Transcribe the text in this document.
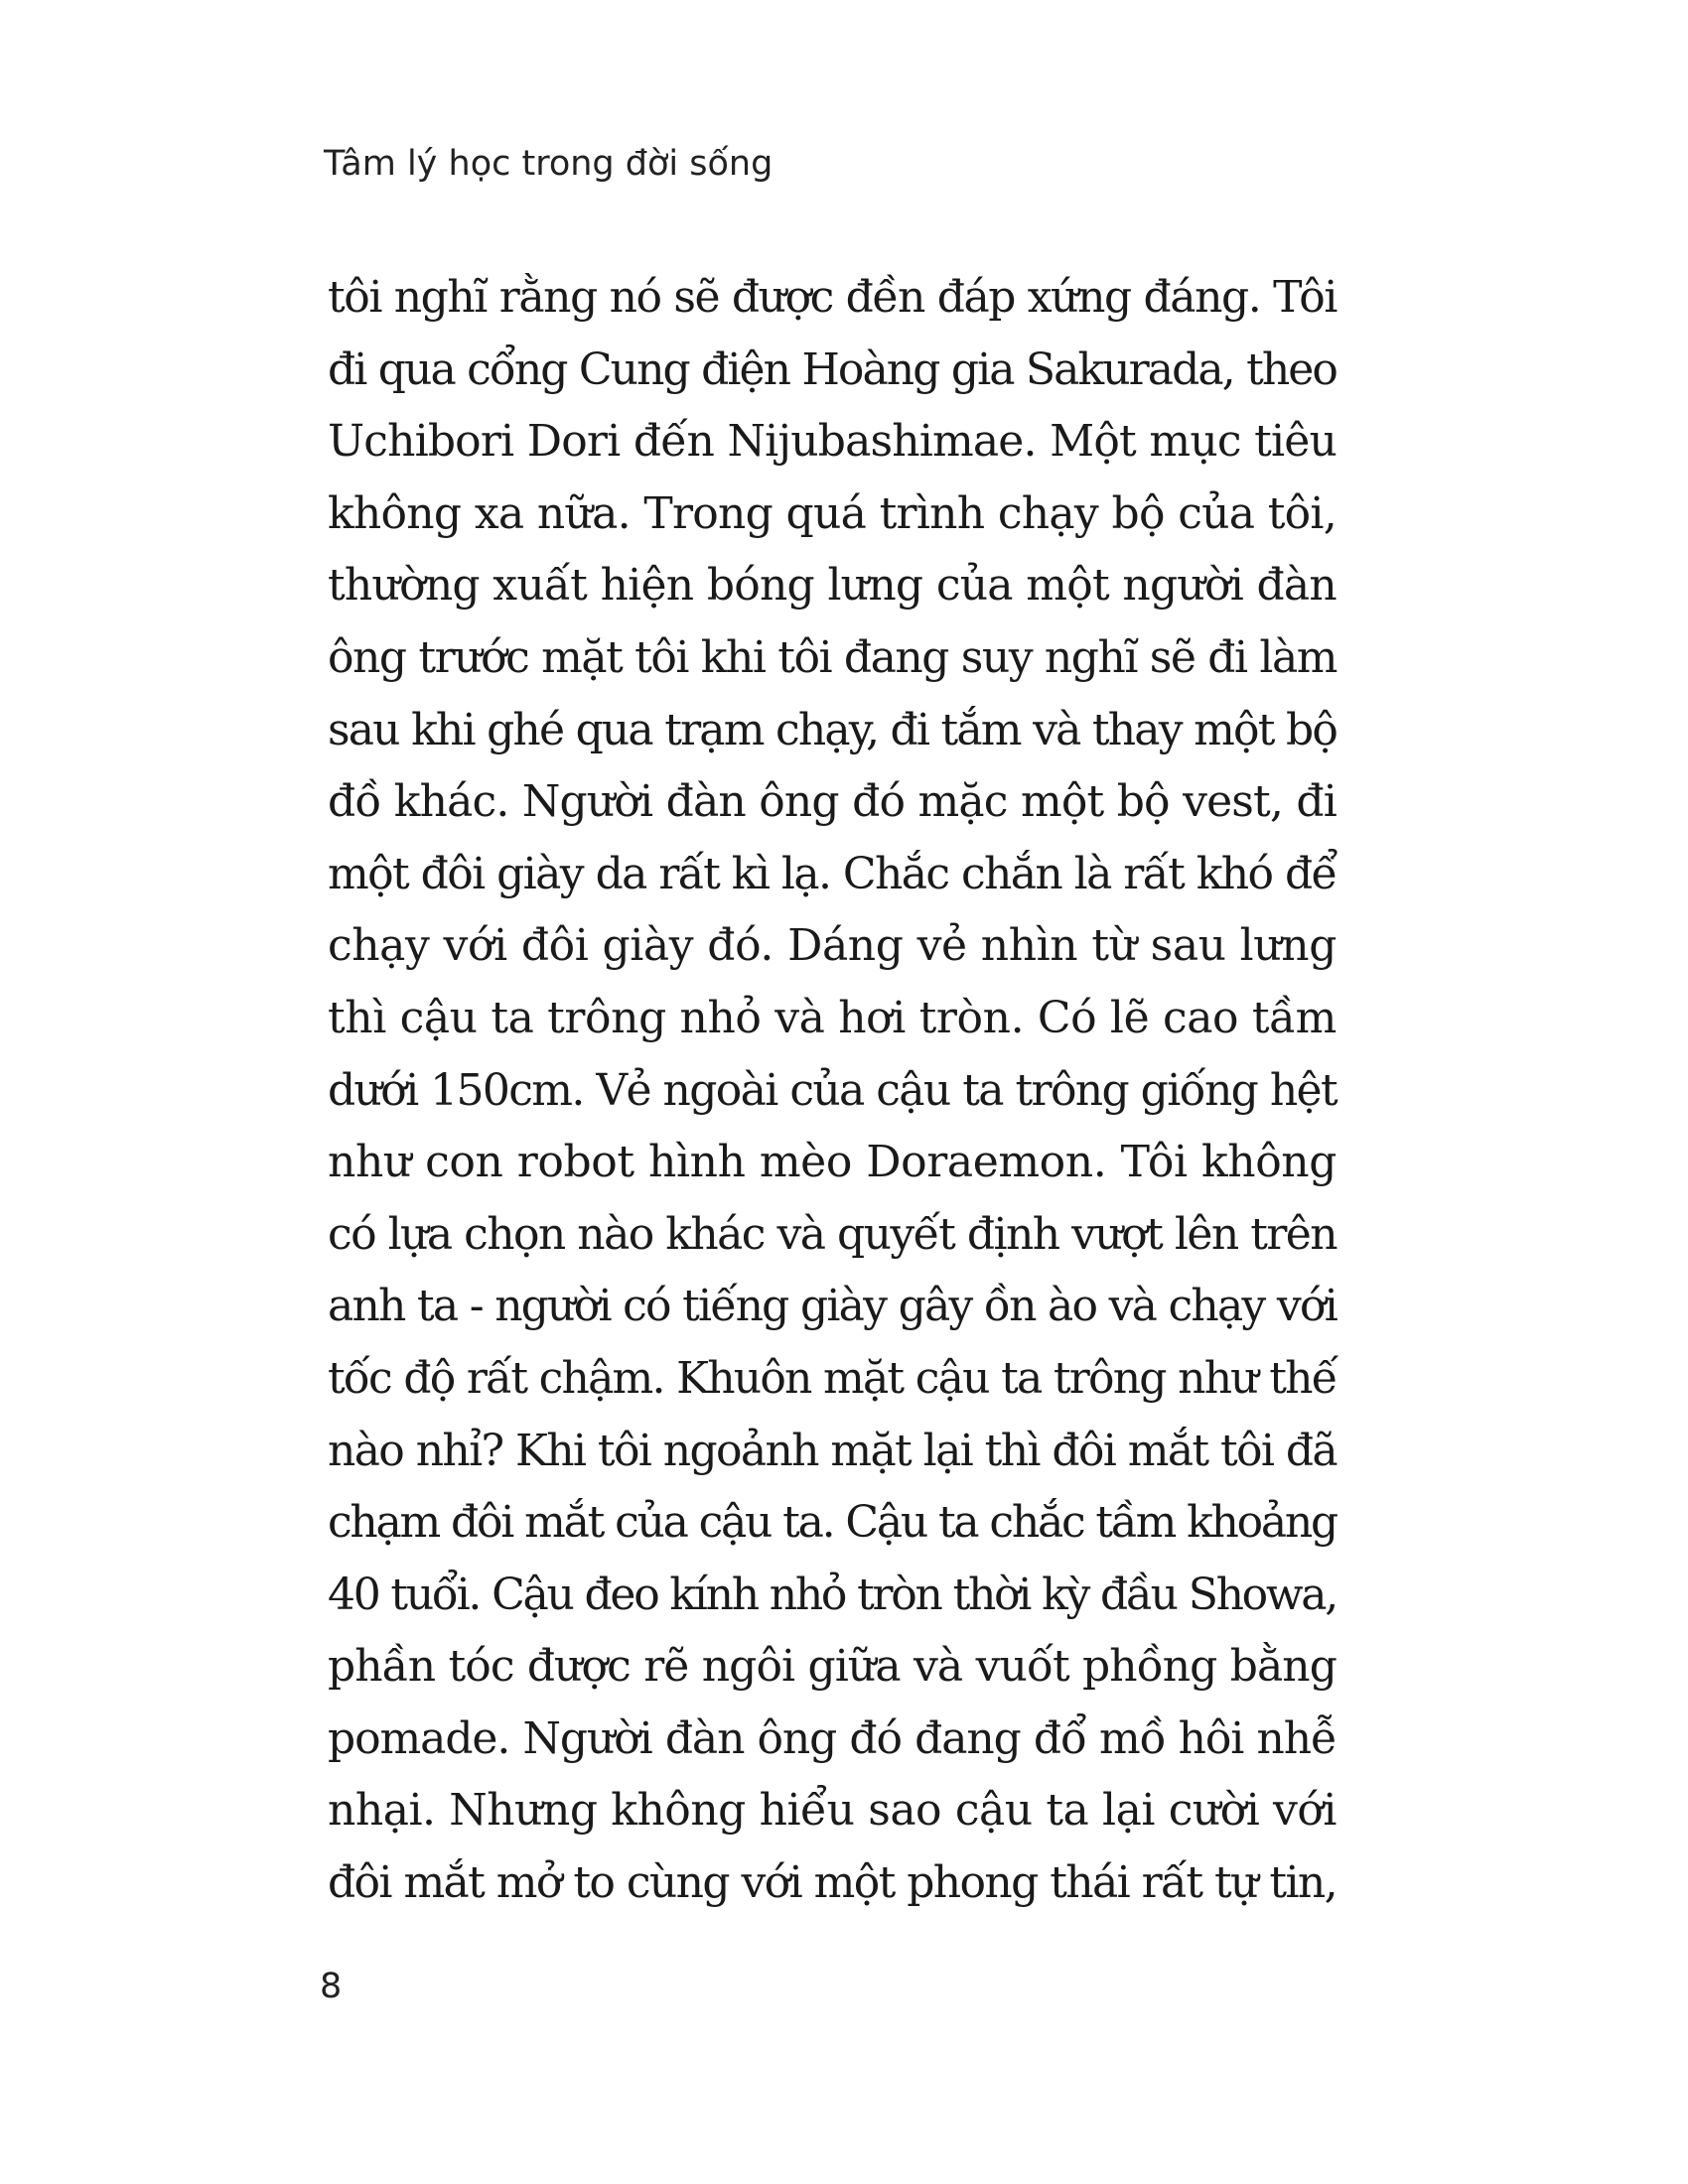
Tâm lý học trong đời sống
tôi nghĩ rằng nó sẽ được đền đáp xứng đáng. Tôi
đi qua cổng Cung điện Hoàng gia Sakurada, theo
Uchibori Dori đến Nijubashimae. Một mục tiêu
không xa nữa. Trong quá trình chạy bộ của tôi,
thường xuất hiện bóng lưng của một người đàn
ông trước mặt tôi khi tôi đang suy nghĩ sẽ đi làm
sau khi ghé qua trạm chạy, đi tắm và thay một bộ
đồ khác. Người đàn ông đó mặc một bộ vest, đi
một đôi giày da rất kì lạ. Chắc chắn là rất khó để
chạy với đôi giày đó. Dáng vẻ nhìn từ sau lưng
thì cậu ta trông nhỏ và hơi tròn. Có lẽ cao tầm
dưới 150cm. Vẻ ngoài của cậu ta trông giống hệt
như con robot hình mèo Doraemon. Tôi không
có lựa chọn nào khác và quyết định vượt lên trên
anh ta - người có tiếng giày gây ồn ào và chạy với
tốc độ rất chậm. Khuôn mặt cậu ta trông như thế
nào nhỉ? Khi tôi ngoảnh mặt lại thì đôi mắt tôi đã
chạm đôi mắt của cậu ta. Cậu ta chắc tầm khoảng
40 tuổi. Cậu đeo kính nhỏ tròn thời kỳ đầu Showa,
phần tóc được rẽ ngôi giữa và vuốt phồng bằng
pomade. Người đàn ông đó đang đổ mồ hôi nhễ
nhại. Nhưng không hiểu sao cậu ta lại cười với
đôi mắt mở to cùng với một phong thái rất tự tin,
8
